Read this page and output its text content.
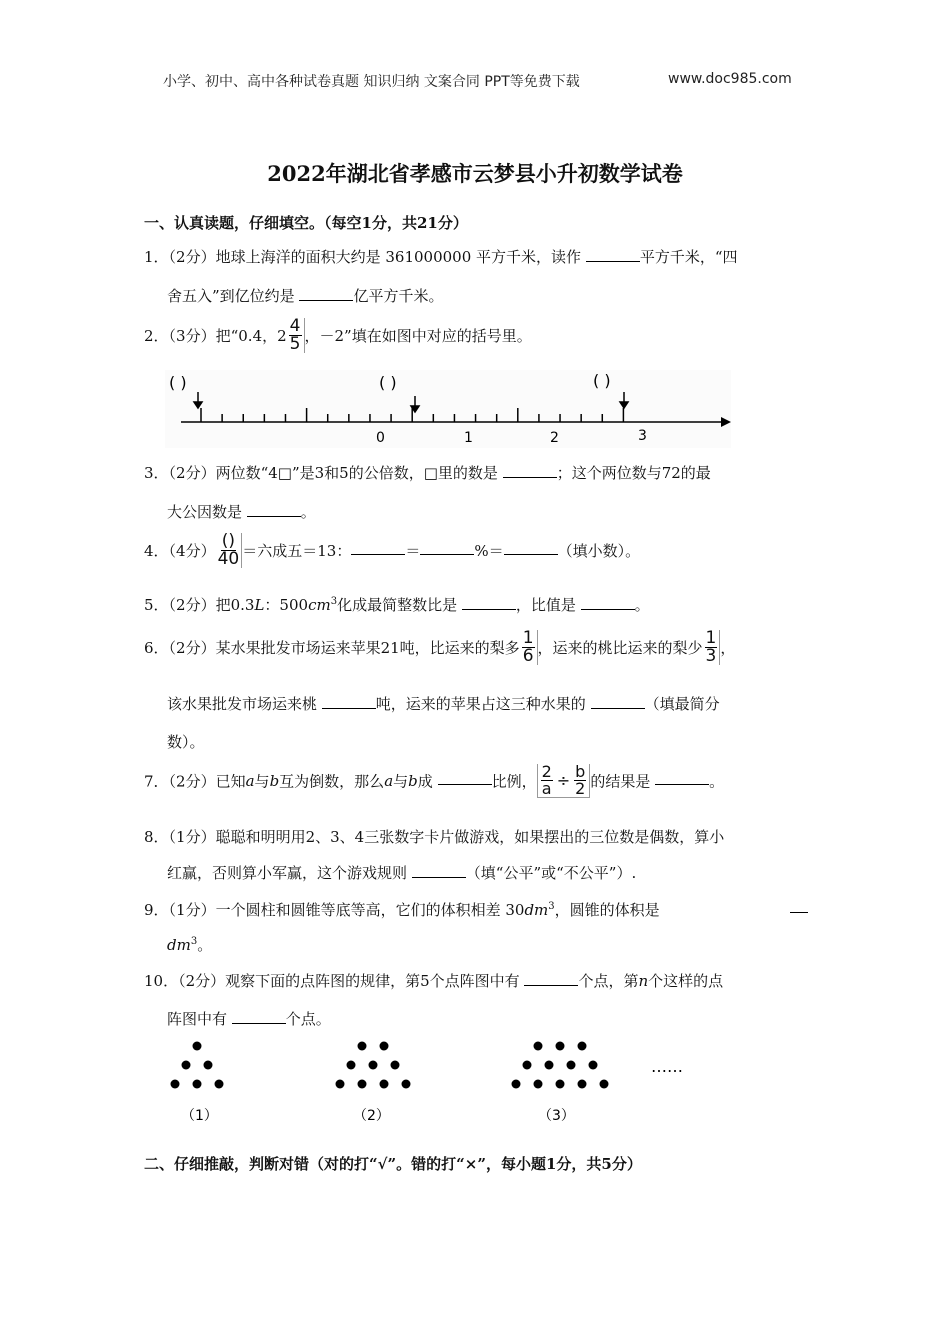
小学、初中、高中各种试卷真题 知识归纳 文案合同 PPT等免费下载	www.doc985.com
2022年湖北省孝感市云梦县小升初数学试卷
一、认真读题，仔细填空。（每空1分，共21分）
1．（2分）地球上海洋的面积大约是 361000000 平方千米，读作	平方千米，“四
舍五入”到亿位约是	亿平方千米。
2．（3分）把“0.4，$2 \frac{4}{5}$ ，－2”填在如图中对应的括号里。
( )	( )	( )
0	1	2	3
3．（2分）两位数“4□”是3和5的公倍数，□里的数是	；这个两位数与72的最
大公因数是	。
4．（4分） $\frac{()}{40}$ ＝六成五＝13：	＝	%＝	（填小数）。
5．（2分）把0.3L：$500cm^3$化成最简整数比是	，比值是	。
6．（2分）某水果批发市场运来苹果21吨，比运来的梨多 $\frac{1}{6}$ ，运来的桃比运来的梨少 $\frac{1}{3}$ ，
该水果批发市场运来桃	吨，运来的苹果占这三种水果的	（填最简分
数）。
7．（2分）已知a与b互为倒数，那么a与b成	比例， $\frac{2}{a} \div \frac{b}{2}$ 的结果是	。
8．（1分）聪聪和明明用2、3、4三张数字卡片做游戏，如果摆出的三位数是偶数，算小
红赢，否则算小军赢，这个游戏规则	（填“公平”或“不公平”）.
9．（1分）一个圆柱和圆锥等底等高，它们的体积相差 $30dm^3$，圆锥的体积是
$dm^3$。
10．（2分）观察下面的点阵图的规律，第5个点阵图中有	个点，第n个这样的点
阵图中有	个点。
（1）	（2）	（3）
……
二、仔细推敲，判断对错（对的打“√”。错的打“×”，每小题1分，共5分）
